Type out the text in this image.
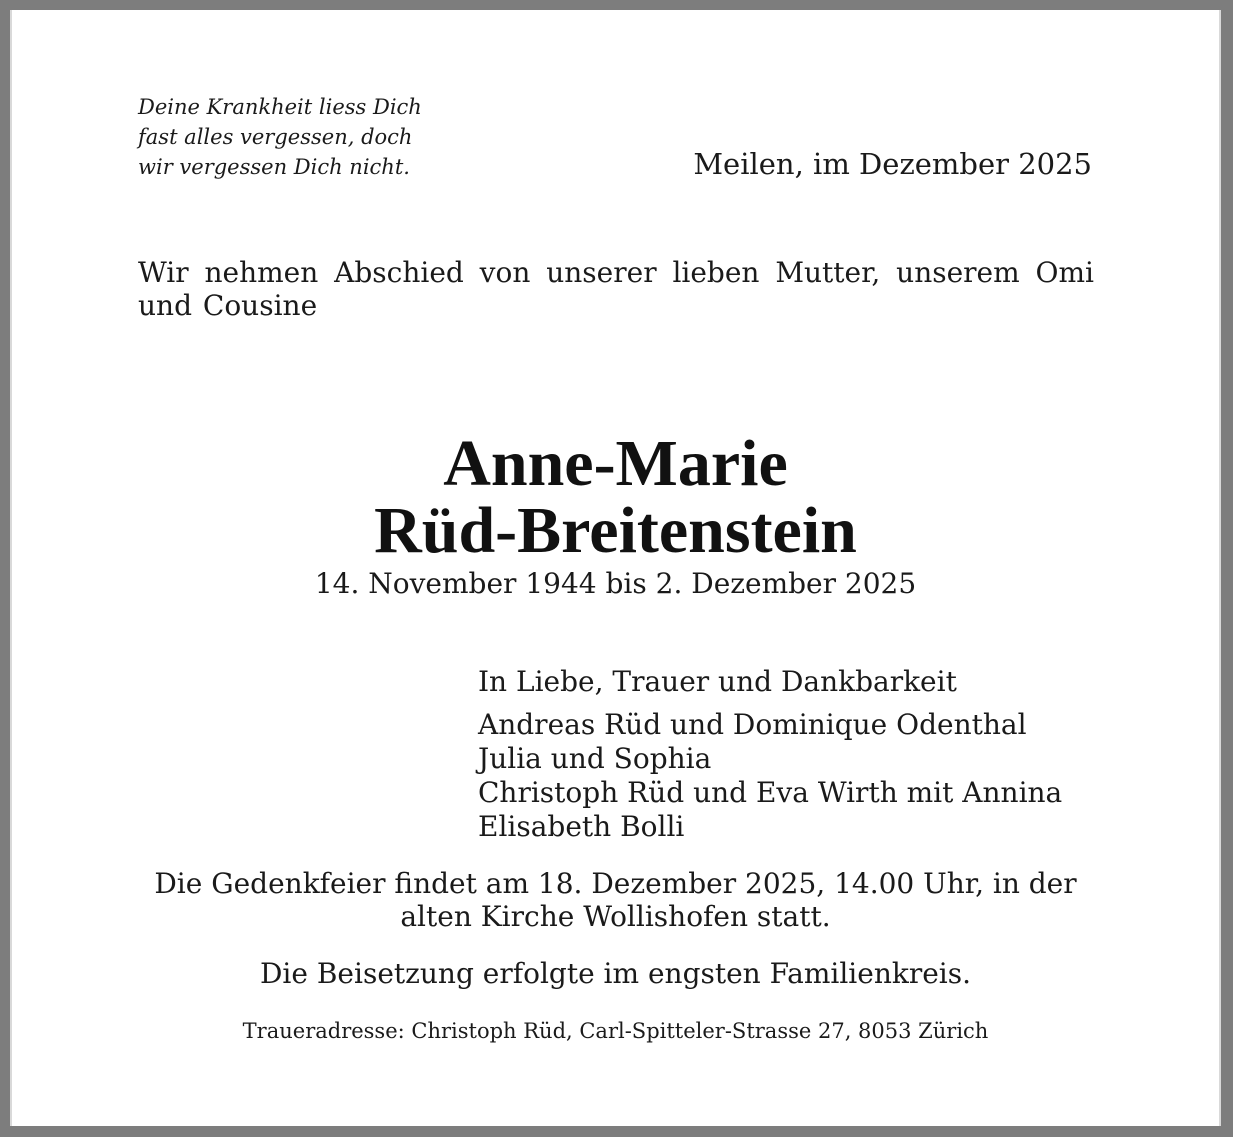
Deine Krankheit liess Dich
fast alles vergessen, doch
wir vergessen Dich nicht.	Meilen, im Dezember 2025
Wir nehmen Abschied von unserer lieben Mutter, unserem Omi und Cousine
Anne-Marie
Rüd-Breitenstein
14. November 1944 bis 2. Dezember 2025
In Liebe, Trauer und Dankbarkeit
Andreas Rüd und Dominique Odenthal
Julia und Sophia
Christoph Rüd und Eva Wirth mit Annina
Elisabeth Bolli
Die Gedenkfeier findet am 18. Dezember 2025, 14.00 Uhr, in der
alten Kirche Wollishofen statt.
Die Beisetzung erfolgte im engsten Familienkreis.
Traueradresse: Christoph Rüd, Carl-Spitteler-Strasse 27, 8053 Zürich
